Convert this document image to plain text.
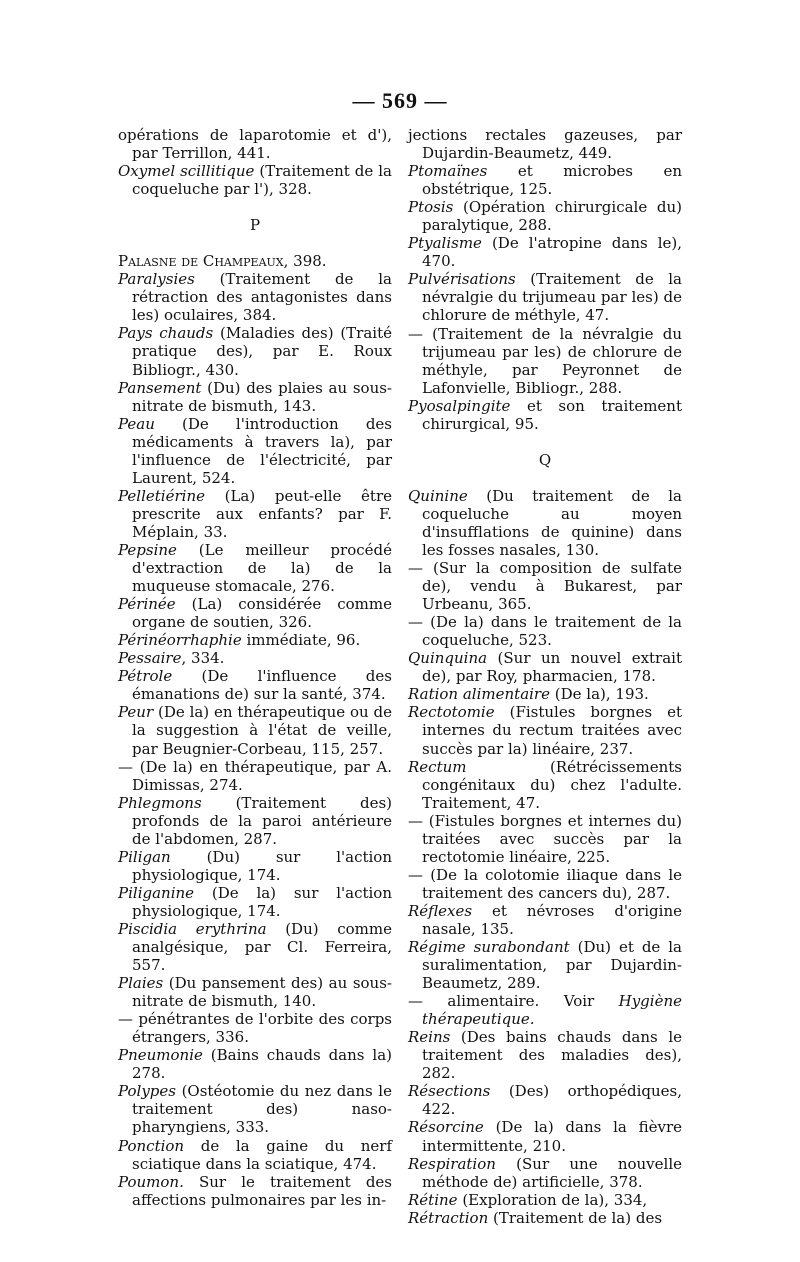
— 569 —

opérations de laparotomie et d'), par Terrillon, 441.

Oxymel scillitique (Traitement de la coqueluche par l'), 328.

P

Palasne de Champeaux, 398.

Paralysies (Traitement de la rétraction des antagonistes dans les) oculaires, 384.

Pays chauds (Maladies des) (Traité pratique des), par E. Roux Bibliogr., 430.

Pansement (Du) des plaies au sous-nitrate de bismuth, 143.

Peau (De l'introduction des médicaments à travers la), par l'influence de l'électricité, par Laurent, 524.

Pelletiérine (La) peut-elle être prescrite aux enfants? par F. Méplain, 33.

Pepsine (Le meilleur procédé d'extraction de la) de la muqueuse stomacale, 276.

Périnée (La) considérée comme organe de soutien, 326.

Périnéorrhaphie immédiate, 96.

Pessaire, 334.

Pétrole (De l'influence des émanations de) sur la santé, 374.

Peur (De la) en thérapeutique ou de la suggestion à l'état de veille, par Beugnier-Corbeau, 115, 257.

— (De la) en thérapeutique, par A. Dimissas, 274.

Phlegmons (Traitement des) profonds de la paroi antérieure de l'abdomen, 287.

Piligan (Du) sur l'action physiologique, 174.

Piliganine (De la) sur l'action physiologique, 174.

Piscidia erythrina (Du) comme analgésique, par Cl. Ferreira, 557.

Plaies (Du pansement des) au sous-nitrate de bismuth, 140.

— pénétrantes de l'orbite des corps étrangers, 336.

Pneumonie (Bains chauds dans la) 278.

Polypes (Ostéotomie du nez dans le traitement des) naso-pharyngiens, 333.

Ponction de la gaine du nerf sciatique dans la sciatique, 474.

Poumon. Sur le traitement des affections pulmonaires par les in-

jections rectales gazeuses, par Dujardin-Beaumetz, 449.

Ptomaïnes et microbes en obstétrique, 125.

Ptosis (Opération chirurgicale du) paralytique, 288.

Ptyalisme (De l'atropine dans le), 470.

Pulvérisations (Traitement de la névralgie du trijumeau par les) de chlorure de méthyle, 47.

— (Traitement de la névralgie du trijumeau par les) de chlorure de méthyle, par Peyronnet de Lafonvielle, Bibliogr., 288.

Pyosalpingite et son traitement chirurgical, 95.

Q

Quinine (Du traitement de la coqueluche au moyen d'insufflations de quinine) dans les fosses nasales, 130.

— (Sur la composition de sulfate de), vendu à Bukarest, par Urbeanu, 365.

— (De la) dans le traitement de la coqueluche, 523.

Quinquina (Sur un nouvel extrait de), par Roy, pharmacien, 178.

Ration alimentaire (De la), 193.

Rectotomie (Fistules borgnes et internes du rectum traitées avec succès par la) linéaire, 237.

Rectum (Rétrécissements congénitaux du) chez l'adulte. Traitement, 47.

— (Fistules borgnes et internes du) traitées avec succès par la rectotomie linéaire, 225.

— (De la colotomie iliaque dans le traitement des cancers du), 287.

Réflexes et névroses d'origine nasale, 135.

Régime surabondant (Du) et de la suralimentation, par Dujardin-Beaumetz, 289.

— alimentaire. Voir Hygiène thérapeutique.

Reins (Des bains chauds dans le traitement des maladies des), 282.

Résections (Des) orthopédiques, 422.

Résorcine (De la) dans la fièvre intermittente, 210.

Respiration (Sur une nouvelle méthode de) artificielle, 378.

Rétine (Exploration de la), 334,

Rétraction (Traitement de la) des
